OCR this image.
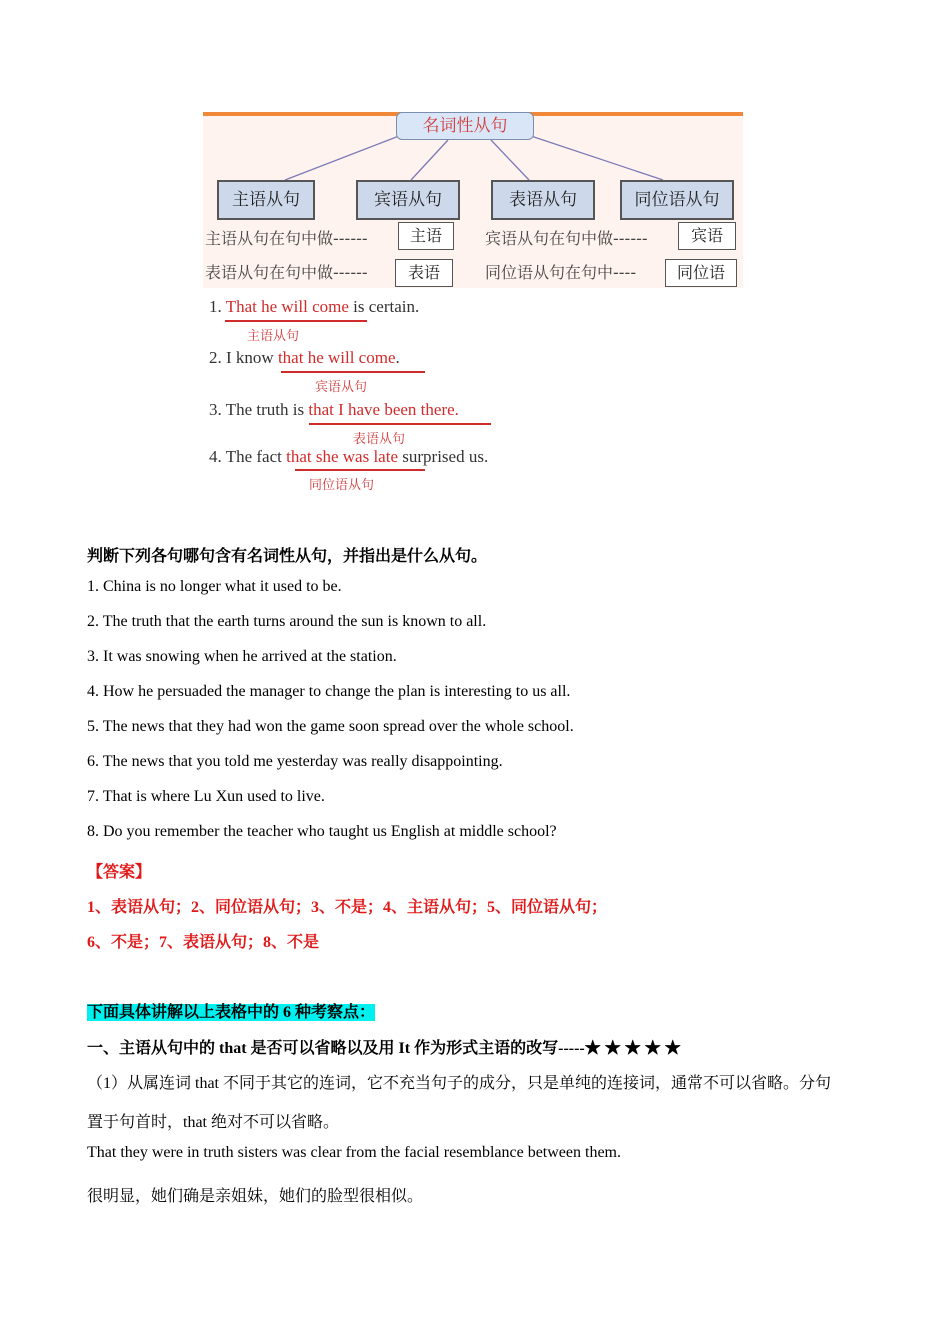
名词性从句
主语从句	宾语从句	表语从句	同位语从句
主语从句在句中做------	主语	宾语从句在句中做------	宾语
表语从句在句中做------	表语	同位语从句在句中----	同位语
1. That he will come is certain.
主语从句
2. I know that he will come.
宾语从句
3. The truth is that I have been there.
表语从句
4. The fact that she was late surprised us.
同位语从句
判断下列各句哪句含有名词性从句，并指出是什么从句。
1. China is no longer what it used to be.
2. The truth that the earth turns around the sun is known to all.
3. It was snowing when he arrived at the station.
4. How he persuaded the manager to change the plan is interesting to us all.
5. The news that they had won the game soon spread over the whole school.
6. The news that you told me yesterday was really disappointing.
7. That is where Lu Xun used to live.
8. Do you remember the teacher who taught us English at middle school?
【答案】
1、表语从句；2、同位语从句；3、不是；4、主语从句；5、同位语从句；
6、不是；7、表语从句；8、不是
下面具体讲解以上表格中的 6 种考察点：
一、主语从句中的 that 是否可以省略以及用 It 作为形式主语的改写-----★ ★ ★ ★ ★
（1）从属连词 that 不同于其它的连词，它不充当句子的成分，只是单纯的连接词，通常不可以省略。分句
置于句首时，that 绝对不可以省略。
That they were in truth sisters was clear from the facial resemblance between them.
很明显，她们确是亲姐妹，她们的脸型很相似。
